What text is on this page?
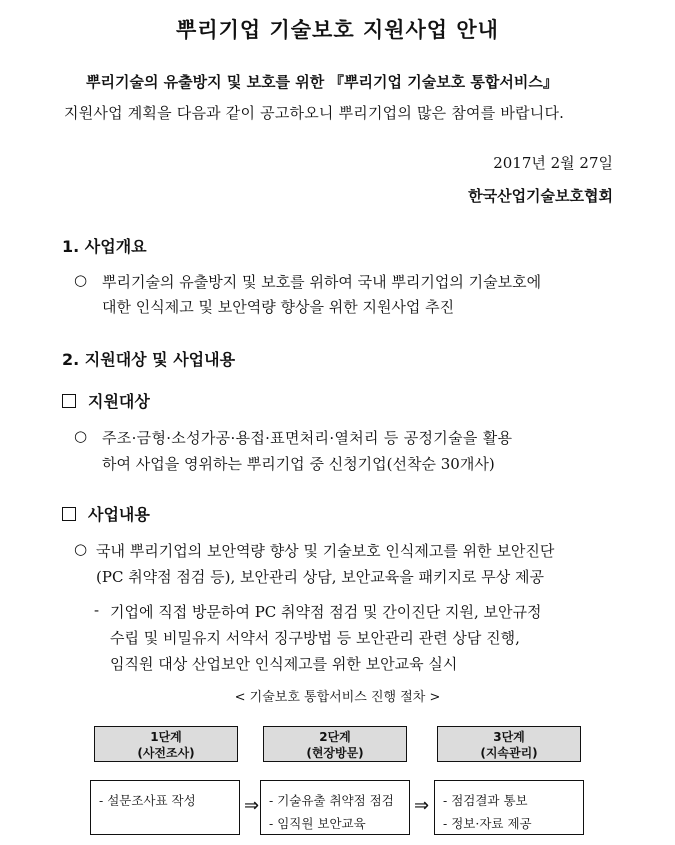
뿌리기업 기술보호 지원사업 안내
뿌리기술의 유출방지 및 보호를 위한 『뿌리기업 기술보호 통합서비스』
지원사업 계획을 다음과 같이 공고하오니 뿌리기업의 많은 참여를 바랍니다.
2017년 2월 27일
한국산업기술보호협회
1. 사업개요
○ 뿌리기술의 유출방지 및 보호를 위하여 국내 뿌리기업의 기술보호에
대한 인식제고 및 보안역량 향상을 위한 지원사업 추진
2. 지원대상 및 사업내용
지원대상
○ 주조·금형·소성가공·용접·표면처리·열처리 등 공정기술을 활용
하여 사업을 영위하는 뿌리기업 중 신청기업(선착순 30개사)
사업내용
○ 국내 뿌리기업의 보안역량 향상 및 기술보호 인식제고를 위한 보안진단
(PC 취약점 점검 등), 보안관리 상담, 보안교육을 패키지로 무상 제공
- 기업에 직접 방문하여 PC 취약점 점검 및 간이진단 지원, 보안규정
수립 및 비밀유지 서약서 징구방법 등 보안관리 관련 상담 진행,
임직원 대상 산업보안 인식제고를 위한 보안교육 실시
< 기술보호 통합서비스 진행 절차 >
1단계
(사전조사)
2단계
(현장방문)
3단계
(지속관리)
- 설문조사표 작성	⇒ - 기술유출 취약점 점검
- 임직원 보안교육
⇒ - 점검결과 통보
- 정보·자료 제공
